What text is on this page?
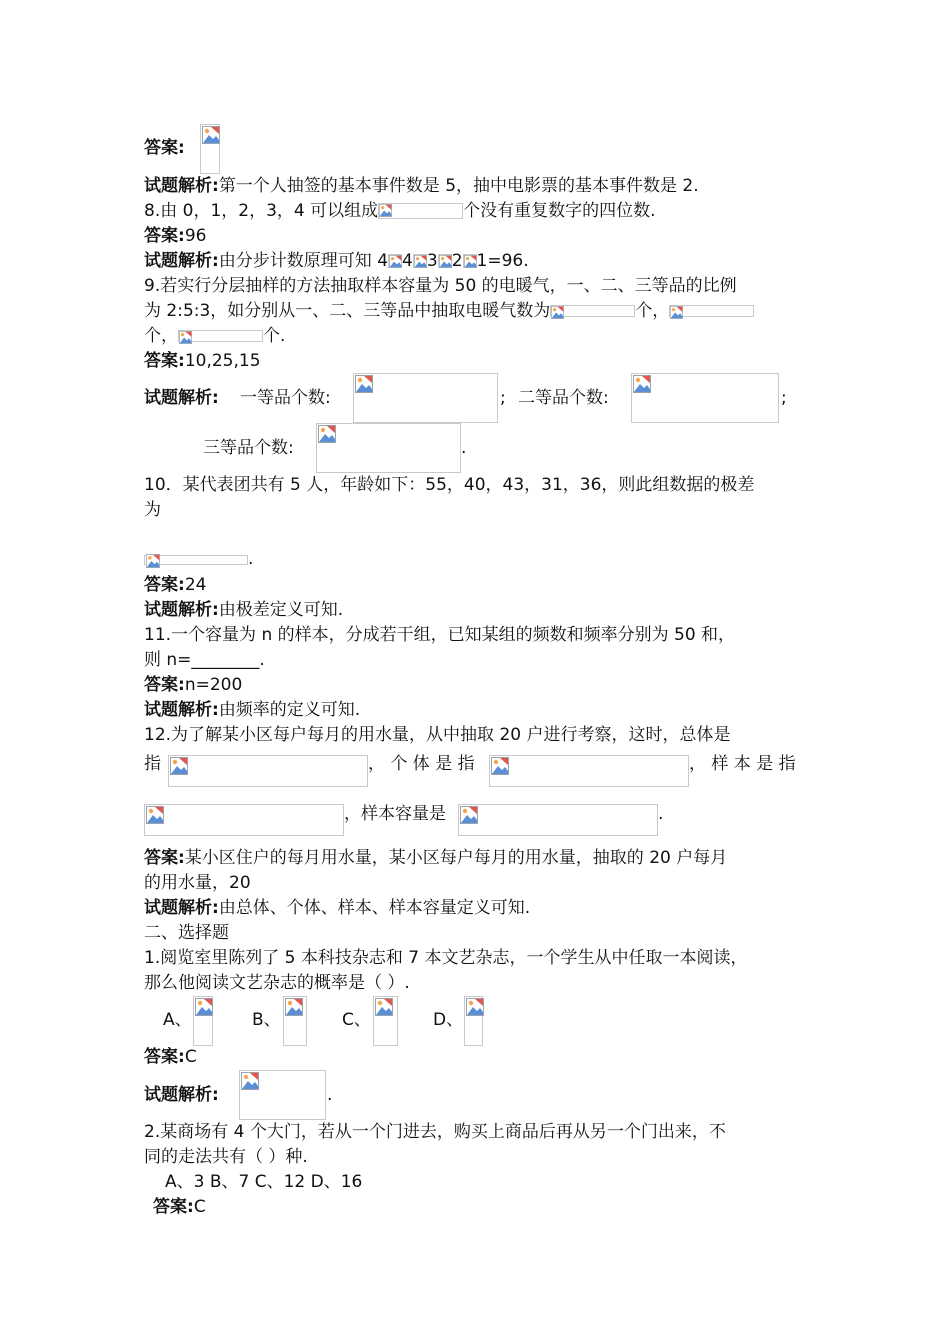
答案:
试题解析:第一个人抽签的基本事件数是 5，抽中电影票的基本事件数是 2.
8.由 0，1，2，3，4 可以组成	个没有重复数字的四位数.
答案:96
试题解析:由分步计数原理可知 4 4 3 2 1=96.
9.若实行分层抽样的方法抽取样本容量为 50 的电暖气，一、二、三等品的比例
为 2:5:3，如分别从一、二、三等品中抽取电暖气数为	个，
个，	个.
答案:10,25,15
试题解析: 一等品个数:	; 二等品个数:	;
三等品个数:	.
10．某代表团共有 5 人，年龄如下：55，40，43，31，36，则此组数据的极差
为
.
答案:24
试题解析:由极差定义可知.
11.一个容量为 n 的样本，分成若干组，已知某组的频数和频率分别为 50 和，
则 n=________.
答案:n=200
试题解析:由频率的定义可知.
12.为了解某小区每户每月的用水量，从中抽取 20 户进行考察，这时，总体是
指	， 个 体 是 指	， 样 本 是 指
，样本容量是	.
答案:某小区住户的每月用水量，某小区每户每月的用水量，抽取的 20 户每月
的用水量，20
试题解析:由总体、个体、样本、样本容量定义可知.
二、选择题
1.阅览室里陈列了 5 本科技杂志和 7 本文艺杂志，一个学生从中任取一本阅读，
那么他阅读文艺杂志的概率是（ ）.
A、	B、	C、	D、
答案:C
试题解析:	.
2.某商场有 4 个大门，若从一个门进去，购买上商品后再从另一个门出来，不
同的走法共有（ ）种.
A、3 B、7 C、12 D、16
答案:C
